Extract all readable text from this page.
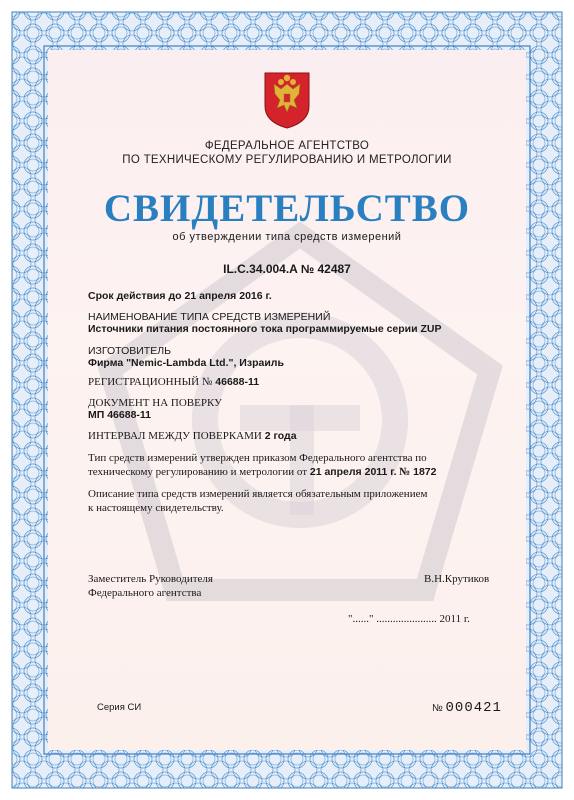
ФЕДЕРАЛЬНОЕ АГЕНТСТВО
ПО ТЕХНИЧЕСКОМУ РЕГУЛИРОВАНИЮ И МЕТРОЛОГИИ
СВИДЕТЕЛЬСТВО
об утверждении типа средств измерений
IL.C.34.004.A № 42487
Срок действия до 21 апреля 2016 г.
НАИМЕНОВАНИЕ ТИПА СРЕДСТВ ИЗМЕРЕНИЙ
Источники питания постоянного тока программируемые серии ZUP
ИЗГОТОВИТЕЛЬ
Фирма "Nemic-Lambda Ltd.", Израиль
РЕГИСТРАЦИОННЫЙ № 46688-11
ДОКУМЕНТ НА ПОВЕРКУ
МП 46688-11
ИНТЕРВАЛ МЕЖДУ ПОВЕРКАМИ 2 года
Тип средств измерений утвержден приказом Федерального агентства по
техническому регулированию и метрологии от 21 апреля 2011 г. № 1872
Описание типа средств измерений является обязательным приложением
к настоящему свидетельству.
Заместитель Руководителя
Федерального агентства
В.Н.Крутиков
"......" ...................... 2011 г.
Серия СИ	№ 000421
